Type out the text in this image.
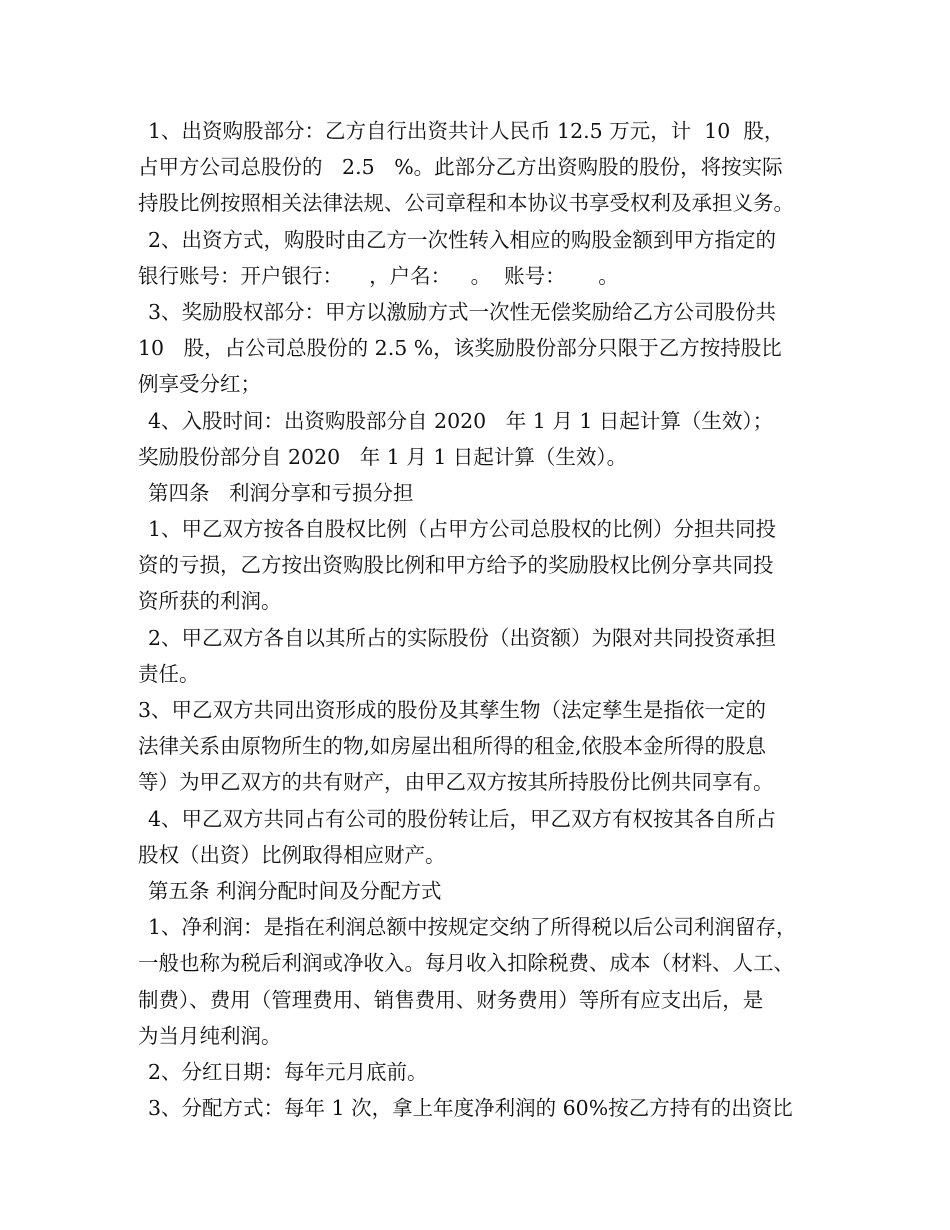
1、出资购股部分：乙方自行出资共计人民币 12.5 万元，计  10  股，
占甲方公司总股份的   2.5   %。此部分乙方出资购股的股份，将按实际
持股比例按照相关法律法规、公司章程和本协议书享受权利及承担义务。
2、出资方式，购股时由乙方一次性转入相应的购股金额到甲方指定的
银行账号：开户银行：    ，户名：   。  账号：     。
3、奖励股权部分：甲方以激励方式一次性无偿奖励给乙方公司股份共
10   股，占公司总股份的 2.5 %，该奖励股份部分只限于乙方按持股比
例享受分红；
4、入股时间：出资购股部分自 2020   年 1 月 1 日起计算（生效）；
奖励股份部分自 2020   年 1 月 1 日起计算（生效）。
第四条   利润分享和亏损分担
1、甲乙双方按各自股权比例（占甲方公司总股权的比例）分担共同投
资的亏损，乙方按出资购股比例和甲方给予的奖励股权比例分享共同投
资所获的利润。
2、甲乙双方各自以其所占的实际股份（出资额）为限对共同投资承担
责任。
3、甲乙双方共同出资形成的股份及其孳生物（法定孳生是指依一定的
法律关系由原物所生的物,如房屋出租所得的租金,依股本金所得的股息
等）为甲乙双方的共有财产，由甲乙双方按其所持股份比例共同享有。
4、甲乙双方共同占有公司的股份转让后，甲乙双方有权按其各自所占
股权（出资）比例取得相应财产。
第五条 利润分配时间及分配方式
1、净利润：是指在利润总额中按规定交纳了所得税以后公司利润留存，
一般也称为税后利润或净收入。每月收入扣除税费、成本（材料、人工、
制费）、费用（管理费用、销售费用、财务费用）等所有应支出后，是
为当月纯利润。
2、分红日期：每年元月底前。
3、分配方式：每年 1 次，拿上年度净利润的 60%按乙方持有的出资比
